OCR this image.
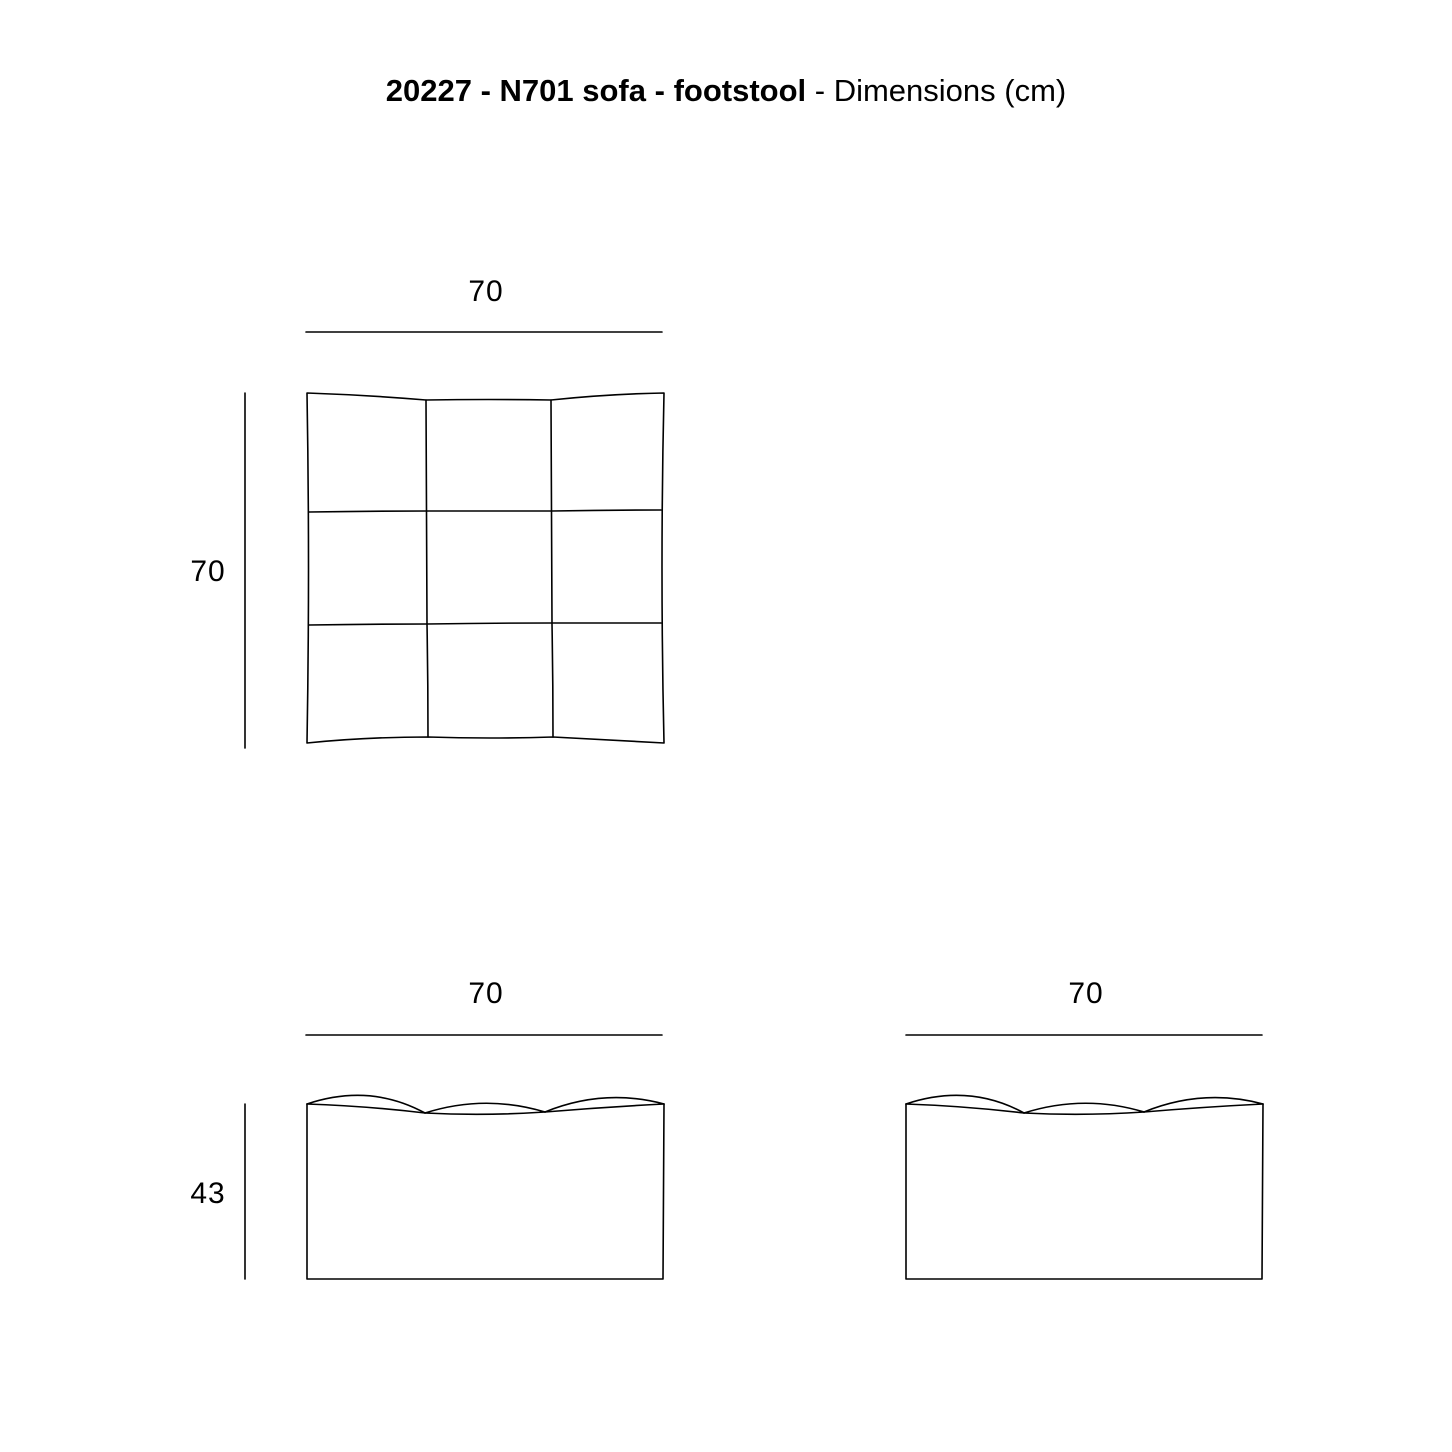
20227 - N701 sofa - footstool - Dimensions (cm)
70
70
70
43
70
